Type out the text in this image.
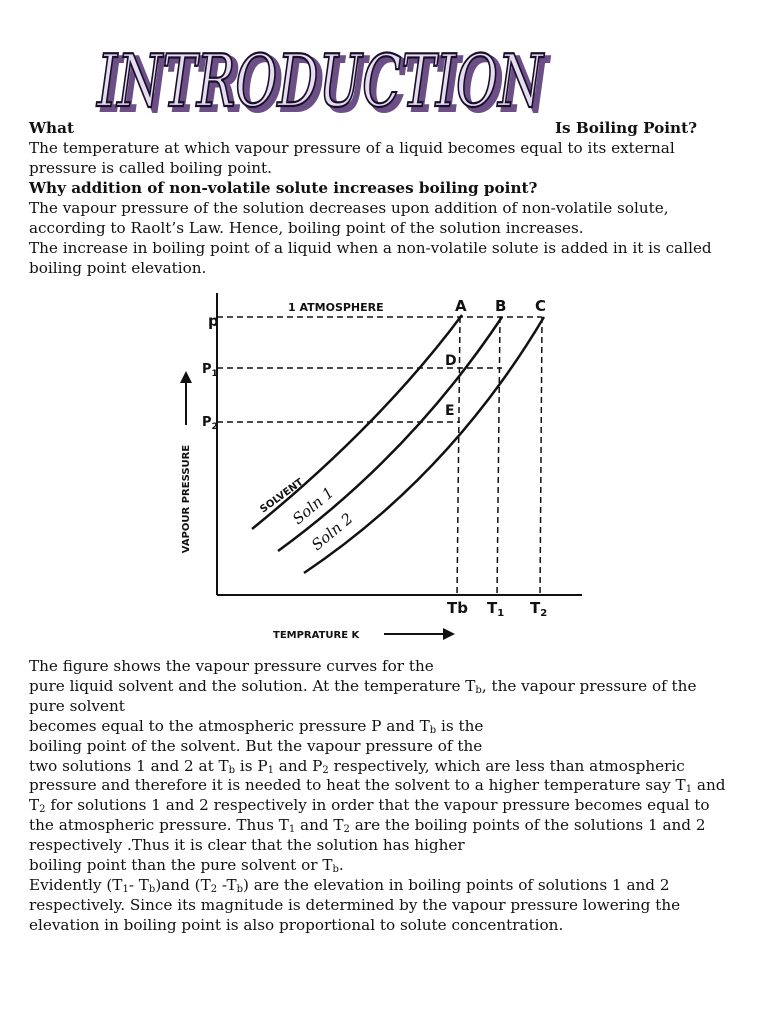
INTRODUCTION
INTRODUCTION
What	Is Boiling Point?
The temperature at which vapour pressure of a liquid becomes equal to its external
pressure is called boiling point.
Why addition of non-volatile solute increases boiling point?
The vapour pressure of the solution decreases upon addition of non-volatile solute,
according to Raolt’s Law. Hence, boiling point of the solution increases.
The increase in boiling point of a liquid when a non-volatile solute is added in it is called
boiling point elevation.
1 ATMOSPHERE
p
$P_1$
$P_2$
A B C
D
E
SOLVENT
Soln 1
Soln 2
VAPOUR PRESSURE
Tb $T_1$ $T_2$
TEMPRATURE K
The figure shows the vapour pressure curves for the
pure liquid solvent and the solution. At the temperature $T_b$, the vapour pressure of the
pure solvent
becomes equal to the atmospheric pressure P and $T_b$ is the
boiling point of the solvent. But the vapour pressure of the
two solutions 1 and 2 at $T_b$ is $P_1$ and $P_2$ respectively, which are less than atmospheric
pressure and therefore it is needed to heat the solvent to a higher temperature say $T_1$ and
$T_2$ for solutions 1 and 2 respectively in order that the vapour pressure becomes equal to
the atmospheric pressure. Thus $T_1$ and $T_2$ are the boiling points of the solutions 1 and 2
respectively .Thus it is clear that the solution has higher
boiling point than the pure solvent or $T_b$.
Evidently ($T_1-$ $T_b)and$ ($T_2$ $-T_b$) are the elevation in boiling points of solutions 1 and 2
respectively. Since its magnitude is determined by the vapour pressure lowering the
elevation in boiling point is also proportional to solute concentration.
